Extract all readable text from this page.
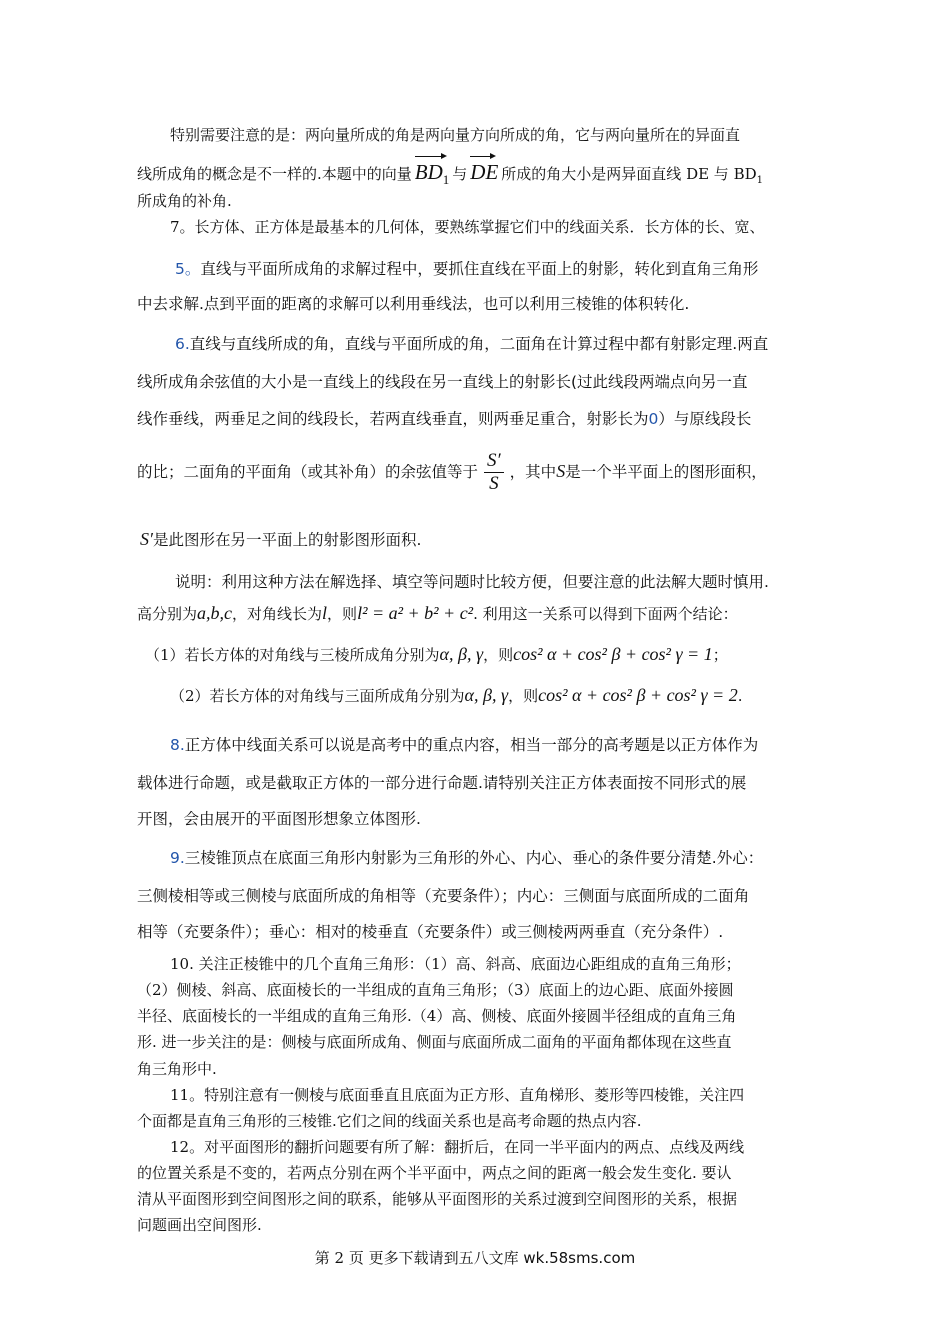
特别需要注意的是：两向量所成的角是两向量方向所成的角，它与两向量所在的异面直
线所成角的概念是不一样的.本题中的向量 $BD_1$ 与 DE 所成的角大小是两异面直线 DE 与 $BD_1$
所成角的补角.
7。长方体、正方体是最基本的几何体，要熟练掌握它们中的线面关系．长方体的长、宽、
5。直线与平面所成角的求解过程中，要抓住直线在平面上的射影，转化到直角三角形
中去求解.点到平面的距离的求解可以利用垂线法，也可以利用三棱锥的体积转化.
6.直线与直线所成的角，直线与平面所成的角，二面角在计算过程中都有射影定理.两直
线所成角余弦值的大小是一直线上的线段在另一直线上的射影长(过此线段两端点向另一直
线作垂线，两垂足之间的线段长，若两直线垂直，则两垂足重合，射影长为0）与原线段长
的比；二面角的平面角（或其补角）的余弦值等于 $\frac{S'}{S}$ ，其中S是一个半平面上的图形面积，
S′是此图形在另一平面上的射影图形面积.
说明：利用这种方法在解选择、填空等问题时比较方便，但要注意的此法解大题时慎用.
高分别为a,b,c，对角线长为l，则l² = a² + b² + c². 利用这一关系可以得到下面两个结论：
（1）若长方体的对角线与三棱所成角分别为α, β, γ，则cos² α + cos² β + cos² γ = 1；
（2）若长方体的对角线与三面所成角分别为α, β, γ，则cos² α + cos² β + cos² γ = 2.
8.正方体中线面关系可以说是高考中的重点内容，相当一部分的高考题是以正方体作为
载体进行命题，或是截取正方体的一部分进行命题.请特别关注正方体表面按不同形式的展
开图，会由展开的平面图形想象立体图形.
9.三棱锥顶点在底面三角形内射影为三角形的外心、内心、垂心的条件要分清楚.外心：
三侧棱相等或三侧棱与底面所成的角相等（充要条件）；内心：三侧面与底面所成的二面角
相等（充要条件）；垂心：相对的棱垂直（充要条件）或三侧棱两两垂直（充分条件）.
10. 关注正棱锥中的几个直角三角形：（1）高、斜高、底面边心距组成的直角三角形；
（2）侧棱、斜高、底面棱长的一半组成的直角三角形；（3）底面上的边心距、底面外接圆
半径、底面棱长的一半组成的直角三角形.（4）高、侧棱、底面外接圆半径组成的直角三角
形. 进一步关注的是：侧棱与底面所成角、侧面与底面所成二面角的平面角都体现在这些直
角三角形中.
11。特别注意有一侧棱与底面垂直且底面为正方形、直角梯形、菱形等四棱锥，关注四
个面都是直角三角形的三棱锥.它们之间的线面关系也是高考命题的热点内容.
12。对平面图形的翻折问题要有所了解：翻折后，在同一半平面内的两点、点线及两线
的位置关系是不变的，若两点分别在两个半平面中，两点之间的距离一般会发生变化. 要认
清从平面图形到空间图形之间的联系，能够从平面图形的关系过渡到空间图形的关系，根据
问题画出空间图形.
第 2 页 更多下载请到五八文库 wk.58sms.com
